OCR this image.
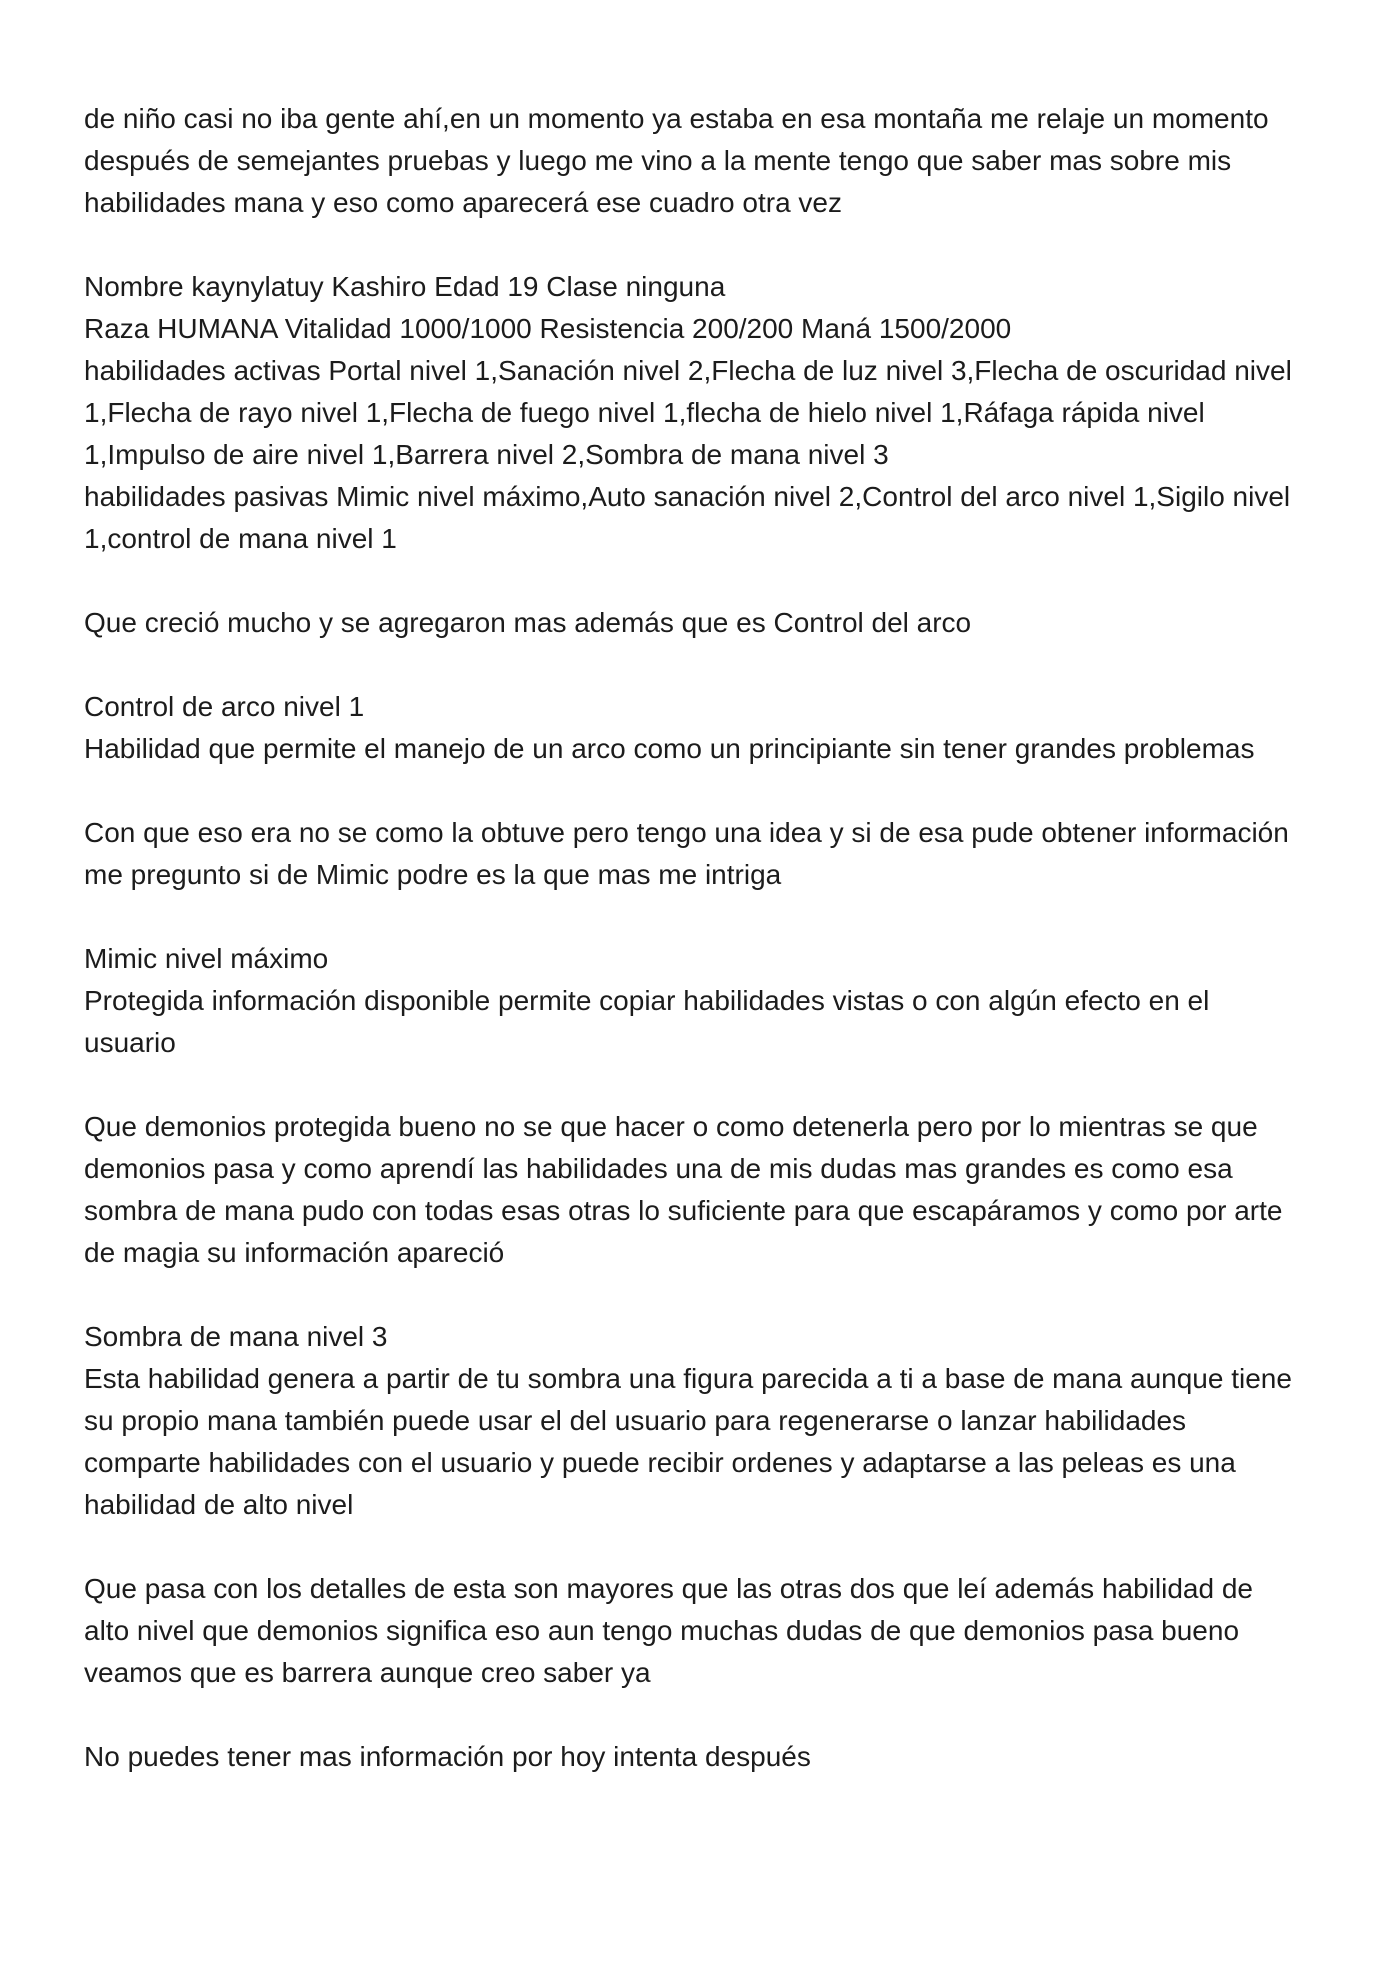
de niño casi no iba gente ahí,en un momento ya estaba en esa montaña me relaje un momento
después de semejantes pruebas y luego me vino a la mente tengo que saber mas sobre mis
habilidades mana y eso como aparecerá ese cuadro otra vez
Nombre kaynylatuy Kashiro Edad 19 Clase ninguna
Raza HUMANA Vitalidad 1000/1000 Resistencia 200/200 Maná 1500/2000
habilidades activas Portal nivel 1,Sanación nivel 2,Flecha de luz nivel 3,Flecha de oscuridad nivel
1,Flecha de rayo nivel 1,Flecha de fuego nivel 1,flecha de hielo nivel 1,Ráfaga rápida nivel
1,Impulso de aire nivel 1,Barrera nivel 2,Sombra de mana nivel 3
habilidades pasivas Mimic nivel máximo,Auto sanación nivel 2,Control del arco nivel 1,Sigilo nivel
1,control de mana nivel 1
Que creció mucho y se agregaron mas además que es Control del arco
Control de arco nivel 1
Habilidad que permite el manejo de un arco como un principiante sin tener grandes problemas
Con que eso era no se como la obtuve pero tengo una idea y si de esa pude obtener información
me pregunto si de Mimic podre es la que mas me intriga
Mimic nivel máximo
Protegida información disponible permite copiar habilidades vistas o con algún efecto en el
usuario
Que demonios protegida bueno no se que hacer o como detenerla pero por lo mientras se que
demonios pasa y como aprendí las habilidades una de mis dudas mas grandes es como esa
sombra de mana pudo con todas esas otras lo suficiente para que escapáramos y como por arte
de magia su información apareció
Sombra de mana nivel 3
Esta habilidad genera a partir de tu sombra una figura parecida a ti a base de mana aunque tiene
su propio mana también puede usar el del usuario para regenerarse o lanzar habilidades
comparte habilidades con el usuario y puede recibir ordenes y adaptarse a las peleas es una
habilidad de alto nivel
Que pasa con los detalles de esta son mayores que las otras dos que leí además habilidad de
alto nivel que demonios significa eso aun tengo muchas dudas de que demonios pasa bueno
veamos que es barrera aunque creo saber ya
No puedes tener mas información por hoy intenta después
